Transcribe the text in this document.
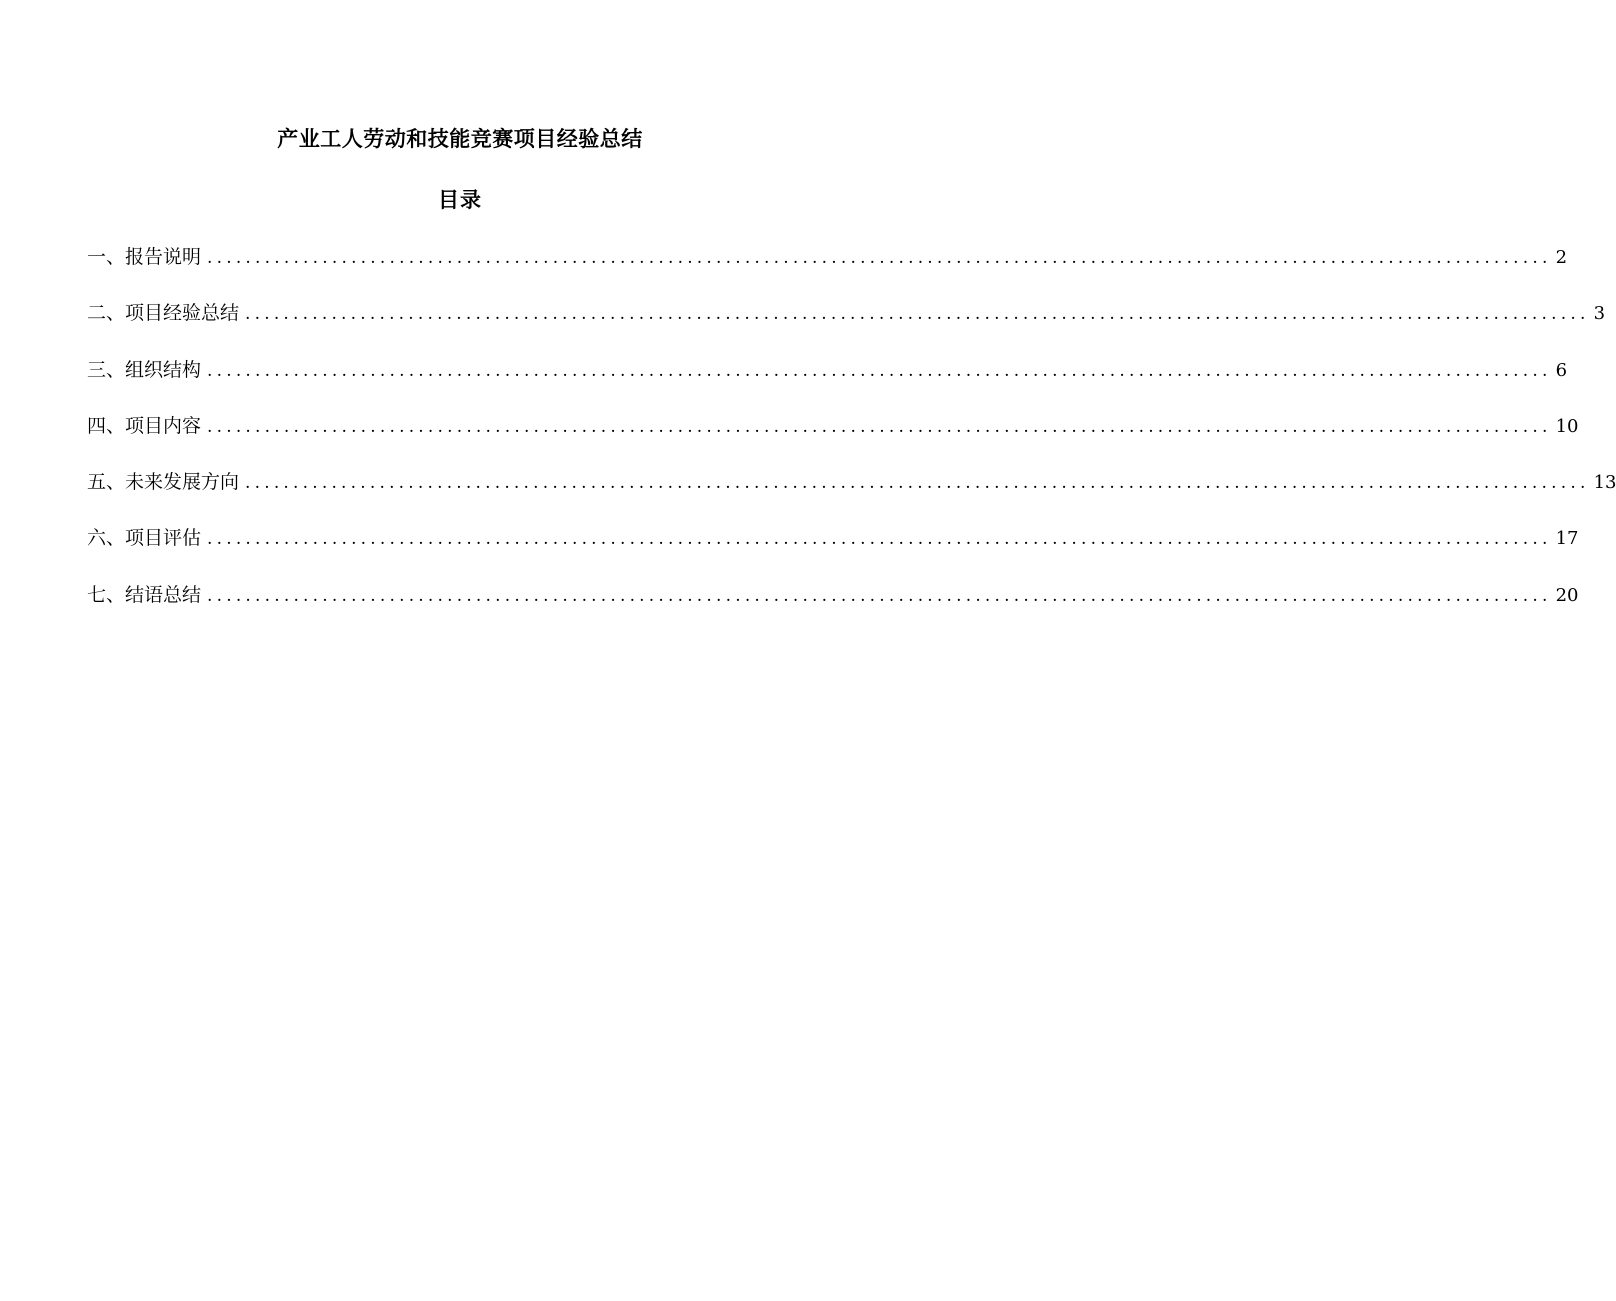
产业工人劳动和技能竞赛项目经验总结
目录
一、报告说明 ............................................................................................................................................ 2
二、项目经验总结 ............................................................................................................................................ 3
三、组织结构 ............................................................................................................................................ 6
四、项目内容 ............................................................................................................................................ 10
五、未来发展方向 ............................................................................................................................................ 13
六、项目评估 ............................................................................................................................................ 17
七、结语总结 ............................................................................................................................................ 20
